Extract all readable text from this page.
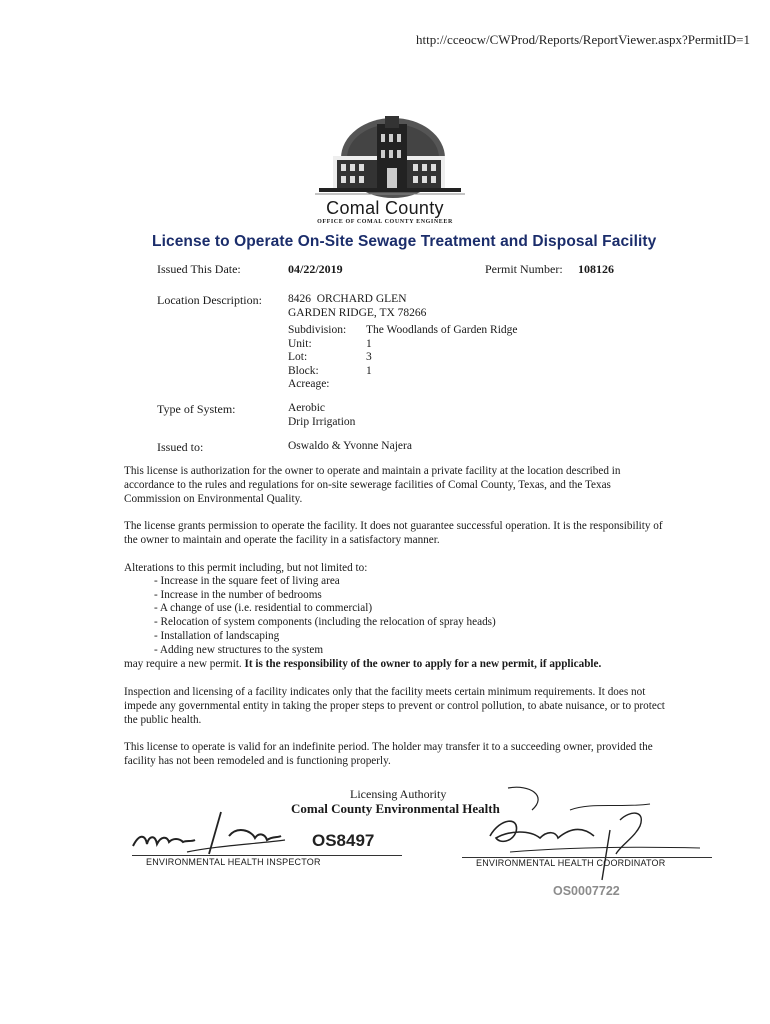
http://cceocw/CWProd/Reports/ReportViewer.aspx?PermitID=1
Comal County
OFFICE OF COMAL COUNTY ENGINEER
License to Operate On-Site Sewage Treatment and Disposal Facility
Issued This Date:	04/22/2019	Permit Number: 108126
Location Description: 8426  ORCHARD GLEN
GARDEN RIDGE, TX 78266
Subdivision: The Woodlands of Garden Ridge
Unit:	1
Lot:	3
Block:	1
Acreage:
Type of System:	Aerobic
Drip Irrigation
Issued to:	Oswaldo & Yvonne Najera

This license is authorization for the owner to operate and maintain a private facility at the location described in accordance to the rules and regulations for on-site sewerage facilities of Comal County, Texas, and the Texas Commission on Environmental Quality.

The license grants permission to operate the facility. It does not guarantee successful operation. It is the responsibility of the owner to maintain and operate the facility in a satisfactory manner.

Alterations to this permit including, but not limited to:

- Increase in the square feet of living area
- Increase in the number of bedrooms
- A change of use (i.e. residential to commercial)
- Relocation of system components (including the relocation of spray heads)
- Installation of landscaping
- Adding new structures to the system

may require a new permit. It is the responsibility of the owner to apply for a new permit, if applicable.

Inspection and licensing of a facility indicates only that the facility meets certain minimum requirements. It does not impede any governmental entity in taking the proper steps to prevent or control pollution, to abate nuisance, or to protect the public health.

This license to operate is valid for an indefinite period. The holder may transfer it to a succeeding owner, provided the facility has not been remodeled and is functioning properly.

Licensing Authority
Comal County Environmental Health
OS8497
ENVIRONMENTAL HEALTH INSPECTOR	ENVIRONMENTAL HEALTH COORDINATOR
OS0007722
